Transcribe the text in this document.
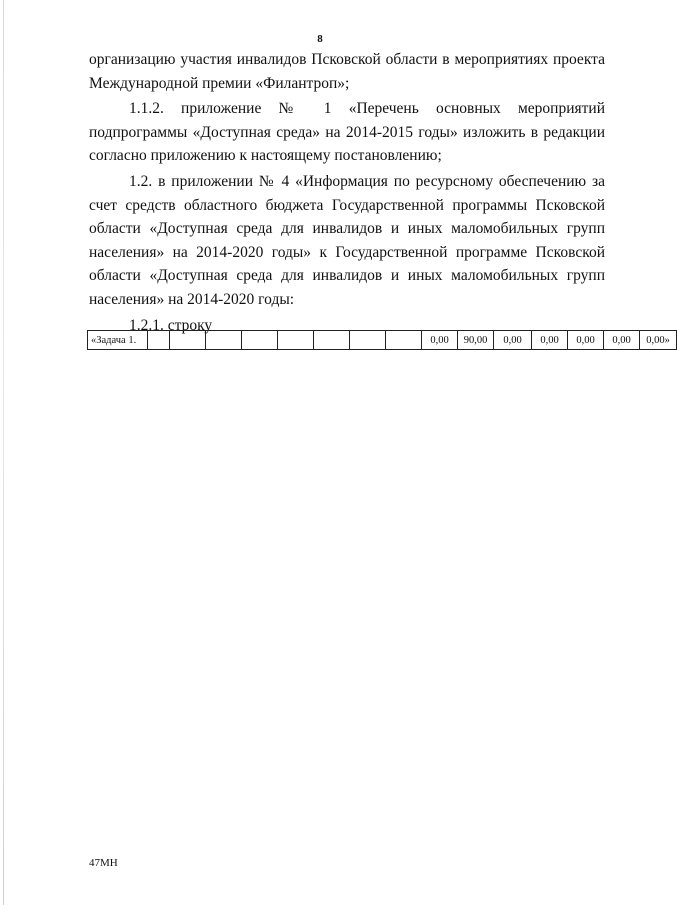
8

организацию участия инвалидов Псковской области в мероприятиях проекта Международной премии «Филантроп»;

1.1.2. приложение № 1 «Перечень основных мероприятий подпрограммы «Доступная среда» на 2014-2015 годы» изложить в редакции согласно приложению к настоящему постановлению;

1.2. в приложении № 4 «Информация по ресурсному обеспечению за счет средств областного бюджета Государственной программы Псковской области «Доступная среда для инвалидов и иных маломобильных групп населения» на 2014-2020 годы» к Государственной программе Псковской области «Доступная среда для инвалидов и иных маломобильных групп населения» на 2014-2020 годы:

1.2.1. строку

«Задача 1.									0,00	90,00	0,00	0,00	0,00	0,00	0,00»
47МН
